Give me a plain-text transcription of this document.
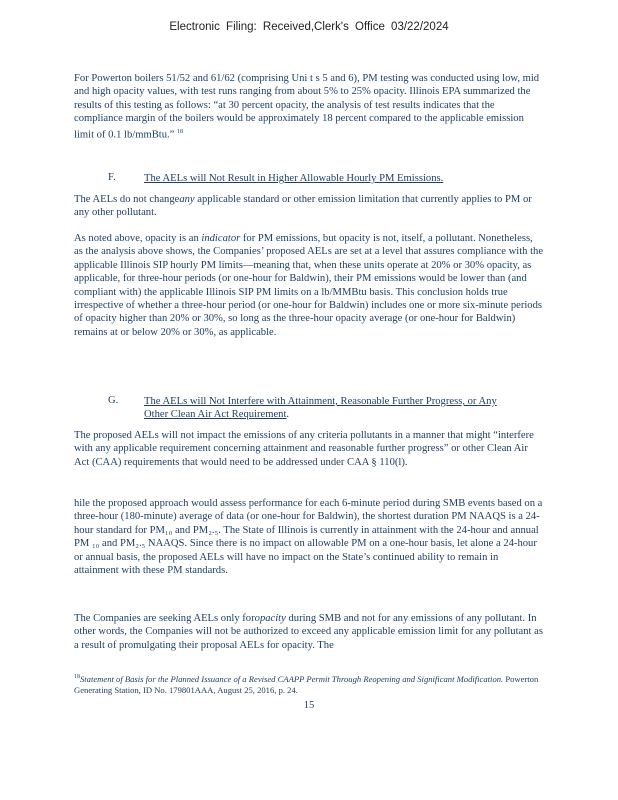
Electronic Filing: Received,Clerk's Office 03/22/2024

For Powerton boilers 51/52 and 61/62 (comprising Uni t s 5 and 6), PM testing was conducted using low, mid and high opacity values, with test runs ranging from about 5% to 25% opacity. Illinois EPA summarized the results of this testing as follows: “at 30 percent opacity, the analysis of test results indicates that the compliance margin of the boilers would be approximately 18 percent compared to the applicable emission limit of 0.1 lb/mmBtu.” $^{18}$

F.	The AELs will Not Result in Higher Allowable Hourly PM Emissions.

The AELs do not changeany applicable standard or other emission limitation that currently applies to PM or any other pollutant.

As noted above, opacity is an indicator for PM emissions, but opacity is not, itself, a pollutant. Nonetheless, as the analysis above shows, the Companies’ proposed AELs are set at a level that assures compliance with the applicable Illinois SIP hourly PM limits—meaning that, when these units operate at 20% or 30% opacity, as applicable, for three-hour periods (or one-hour for Baldwin), their PM emissions would be lower than (and compliant with) the applicable Illinois SIP PM limits on a lb/MMBtu basis. This conclusion holds true irrespective of whether a three-hour period (or one-hour for Baldwin) includes one or more six-minute periods of opacity higher than 20% or 30%, so long as the three-hour opacity average (or one-hour for Baldwin) remains at or below 20% or 30%, as applicable.

G.	The AELs will Not Interfere with Attainment, Reasonable Further Progress, or Any Other Clean Air Act Requirement.

The proposed AELs will not impact the emissions of any criteria pollutants in a manner that might “interfere with any applicable requirement concerning attainment and reasonable further progress” or other Clean Air Act (CAA) requirements that would need to be addressed under CAA § 110(l).

hile the proposed approach would assess performance for each 6-minute period during SMB events based on a three-hour (180-minute) average of data (or one-hour for Baldwin), the shortest duration PM NAAQS is a 24-hour standard for PM₁₀ and PM₂.₅. The State of Illinois is currently in attainment with the 24-hour and annual PM ₁₀ and PM₂.₅ NAAQS. Since there is no impact on allowable PM on a one-hour basis, let alone a 24-hour or annual basis, the proposed AELs will have no impact on the State’s continued ability to remain in attainment with these PM standards.

The Companies are seeking AELs only foropacity during SMB and not for any emissions of any pollutant. In other words, the Companies will not be authorized to exceed any applicable emission limit for any pollutant as a result of promulgating their proposal AELs for opacity. The

$^{18}$Statement of Basis for the Planned Issuance of a Revised CAAPP Permit Through Reopening and Significant Modification. Powerton Generating Station, ID No. 179801AAA, August 25, 2016, p. 24.
15
